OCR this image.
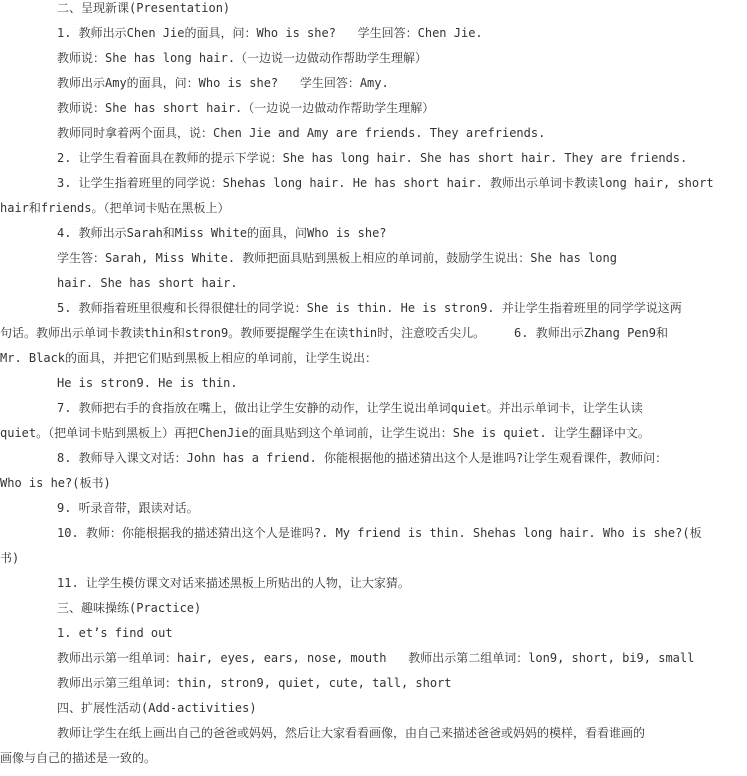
二、呈现新课(Presentation)
1. 教师出示Chen Jie的面具，问：Who is she?   学生回答：Chen Jie.
教师说：She has long hair.（一边说一边做动作帮助学生理解）
教师出示Amy的面具，问：Who is she?   学生回答：Amy.
教师说：She has short hair.（一边说一边做动作帮助学生理解）
教师同时拿着两个面具，说：Chen Jie and Amy are friends. They arefriends.
2. 让学生看着面具在教师的提示下学说：She has long hair. She has short hair. They are friends.
3. 让学生指着班里的同学说：Shehas long hair. He has short hair. 教师出示单词卡教读long hair, short
hair和friends。（把单词卡贴在黑板上）
4. 教师出示Sarah和Miss White的面具，问Who is she?
学生答：Sarah, Miss White. 教师把面具贴到黑板上相应的单词前，鼓励学生说出：She has long
hair. She has short hair.
5. 教师指着班里很瘦和长得很健壮的同学说：She is thin. He is stron9. 并让学生指着班里的同学学说这两
句话。教师出示单词卡教读thin和stron9。教师要提醒学生在读thin时，注意咬舌尖儿。    6. 教师出示Zhang Pen9和
Mr. Black的面具，并把它们贴到黑板上相应的单词前，让学生说出：
He is stron9. He is thin.
7. 教师把右手的食指放在嘴上，做出让学生安静的动作，让学生说出单词quiet。并出示单词卡，让学生认读
quiet。（把单词卡贴到黑板上）再把ChenJie的面具贴到这个单词前，让学生说出：She is quiet. 让学生翻译中文。
8. 教师导入课文对话：John has a friend. 你能根据他的描述猜出这个人是谁吗?让学生观看课件，教师问：
Who is he?(板书)
9. 听录音带，跟读对话。
10. 教师：你能根据我的描述猜出这个人是谁吗?. My friend is thin. Shehas long hair. Who is she?(板
书)
11. 让学生模仿课文对话来描述黑板上所贴出的人物，让大家猜。
三、趣味操练(Practice)
1. et’s find out
教师出示第一组单词：hair, eyes, ears, nose, mouth   教师出示第二组单词：lon9, short, bi9, small
教师出示第三组单词：thin, stron9, quiet, cute, tall, short
四、扩展性活动(Add-activities)
教师让学生在纸上画出自己的爸爸或妈妈，然后让大家看看画像，由自己来描述爸爸或妈妈的模样，看看谁画的
画像与自己的描述是一致的。
